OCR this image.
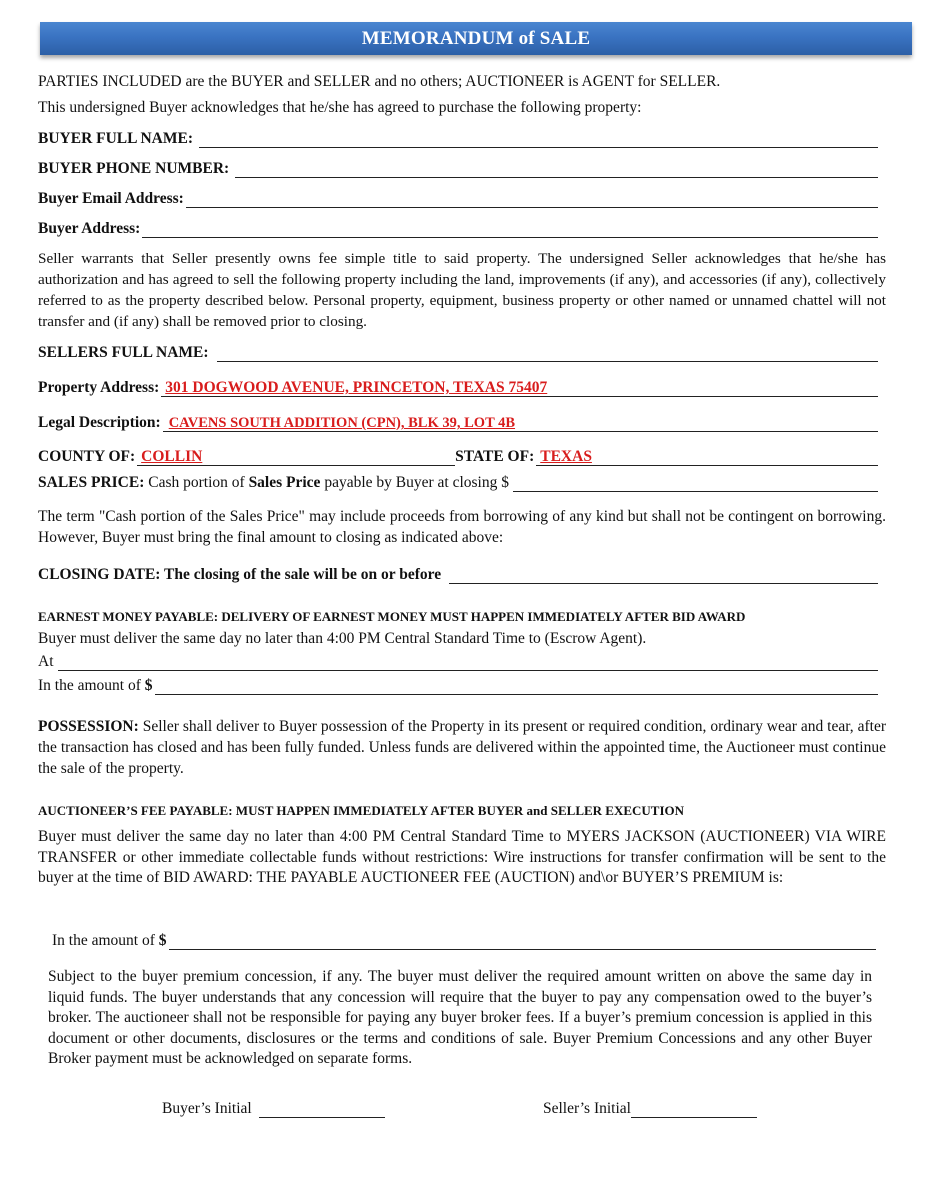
MEMORANDUM of SALE
PARTIES INCLUDED are the BUYER and SELLER and no others; AUCTIONEER is AGENT for SELLER.
This undersigned Buyer acknowledges that he/she has agreed to purchase the following property:
BUYER FULL NAME:
BUYER PHONE NUMBER:
Buyer Email Address:
Buyer Address:
Seller warrants that Seller presently owns fee simple title to said property. The undersigned Seller acknowledges that he/she has authorization and has agreed to sell the following property including the land, improvements (if any), and accessories (if any), collectively referred to as the property described below. Personal property, equipment, business property or other named or unnamed chattel will not transfer and (if any) shall be removed prior to closing.
SELLERS FULL NAME:
Property Address: 301 DOGWOOD AVENUE, PRINCETON, TEXAS 75407
Legal Description: CAVENS SOUTH ADDITION (CPN), BLK 39, LOT 4B
COUNTY OF: COLLIN	STATE OF: TEXAS
SALES PRICE: Cash portion of Sales Price payable by Buyer at closing $
The term "Cash portion of the Sales Price" may include proceeds from borrowing of any kind but shall not be contingent on borrowing. However, Buyer must bring the final amount to closing as indicated above:
CLOSING DATE: The closing of the sale will be on or before
EARNEST MONEY PAYABLE: DELIVERY OF EARNEST MONEY MUST HAPPEN IMMEDIATELY AFTER BID AWARD
Buyer must deliver the same day no later than 4:00 PM Central Standard Time to (Escrow Agent).
At
In the amount of $
POSSESSION: Seller shall deliver to Buyer possession of the Property in its present or required condition, ordinary wear and tear, after the transaction has closed and has been fully funded. Unless funds are delivered within the appointed time, the Auctioneer must continue the sale of the property.
AUCTIONEER’S FEE PAYABLE: MUST HAPPEN IMMEDIATELY AFTER BUYER and SELLER EXECUTION
Buyer must deliver the same day no later than 4:00 PM Central Standard Time to MYERS JACKSON (AUCTIONEER) VIA WIRE TRANSFER or other immediate collectable funds without restrictions: Wire instructions for transfer confirmation will be sent to the buyer at the time of BID AWARD: THE PAYABLE AUCTIONEER FEE (AUCTION) and\or BUYER’S PREMIUM is:
In the amount of $
Subject to the buyer premium concession, if any. The buyer must deliver the required amount written on above the same day in liquid funds. The buyer understands that any concession will require that the buyer to pay any compensation owed to the buyer’s broker. The auctioneer shall not be responsible for paying any buyer broker fees. If a buyer’s premium concession is applied in this document or other documents, disclosures or the terms and conditions of sale. Buyer Premium Concessions and any other Buyer Broker payment must be acknowledged on separate forms.
Buyer’s Initial	Seller’s Initial
